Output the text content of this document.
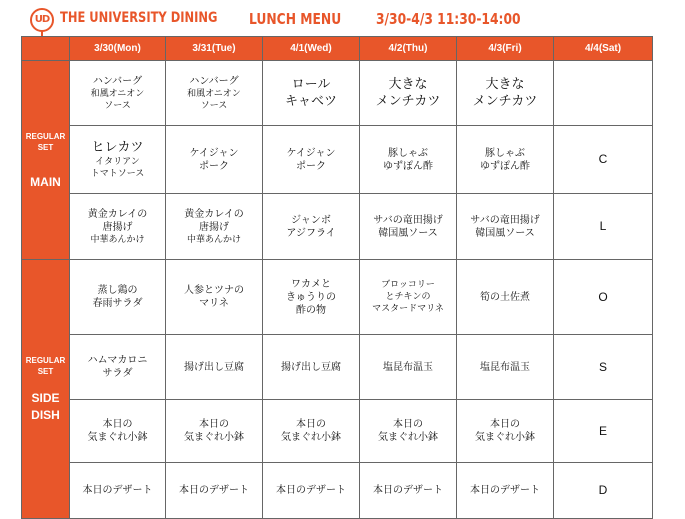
UD THE UNIVERSITY DINING LUNCH MENU 3/30-4/3 11:30-14:00
	3/30(Mon)	3/31(Tue)	4/1(Wed)	4/2(Thu)	4/3(Fri)	4/4(Sat)

REGULAR
SET
MAIN	ハンバーグ
和風オニオン
ソース	ハンバーグ
和風オニオン
ソース	ロール
キャベツ	大きな
メンチカツ	大きな
メンチカツ	

	ヒレカツ
イタリアン
トマトソース	ケイジャン
ポーク	ケイジャン
ポーク	豚しゃぶ
ゆずぽん酢	豚しゃぶ
ゆずぽん酢	C

	黄金カレイの
唐揚げ
中華あんかけ	黄金カレイの
唐揚げ
中華あんかけ	ジャンボ
アジフライ	サバの竜田揚げ
韓国風ソース	サバの竜田揚げ
韓国風ソース	L

REGULAR
SET
SIDE
DISH	蒸し鶏の
春雨サラダ	人参とツナの
マリネ	ワカメと
きゅうりの
酢の物	ブロッコリー
とチキンの
マスタードマリネ	筍の土佐煮	O

	ハムマカロニ
サラダ	揚げ出し豆腐	揚げ出し豆腐	塩昆布温玉	塩昆布温玉	S

	本日の
気まぐれ小鉢	本日の
気まぐれ小鉢	本日の
気まぐれ小鉢	本日の
気まぐれ小鉢	本日の
気まぐれ小鉢	E

	本日のデザート	本日のデザート	本日のデザート	本日のデザート	本日のデザート	D
